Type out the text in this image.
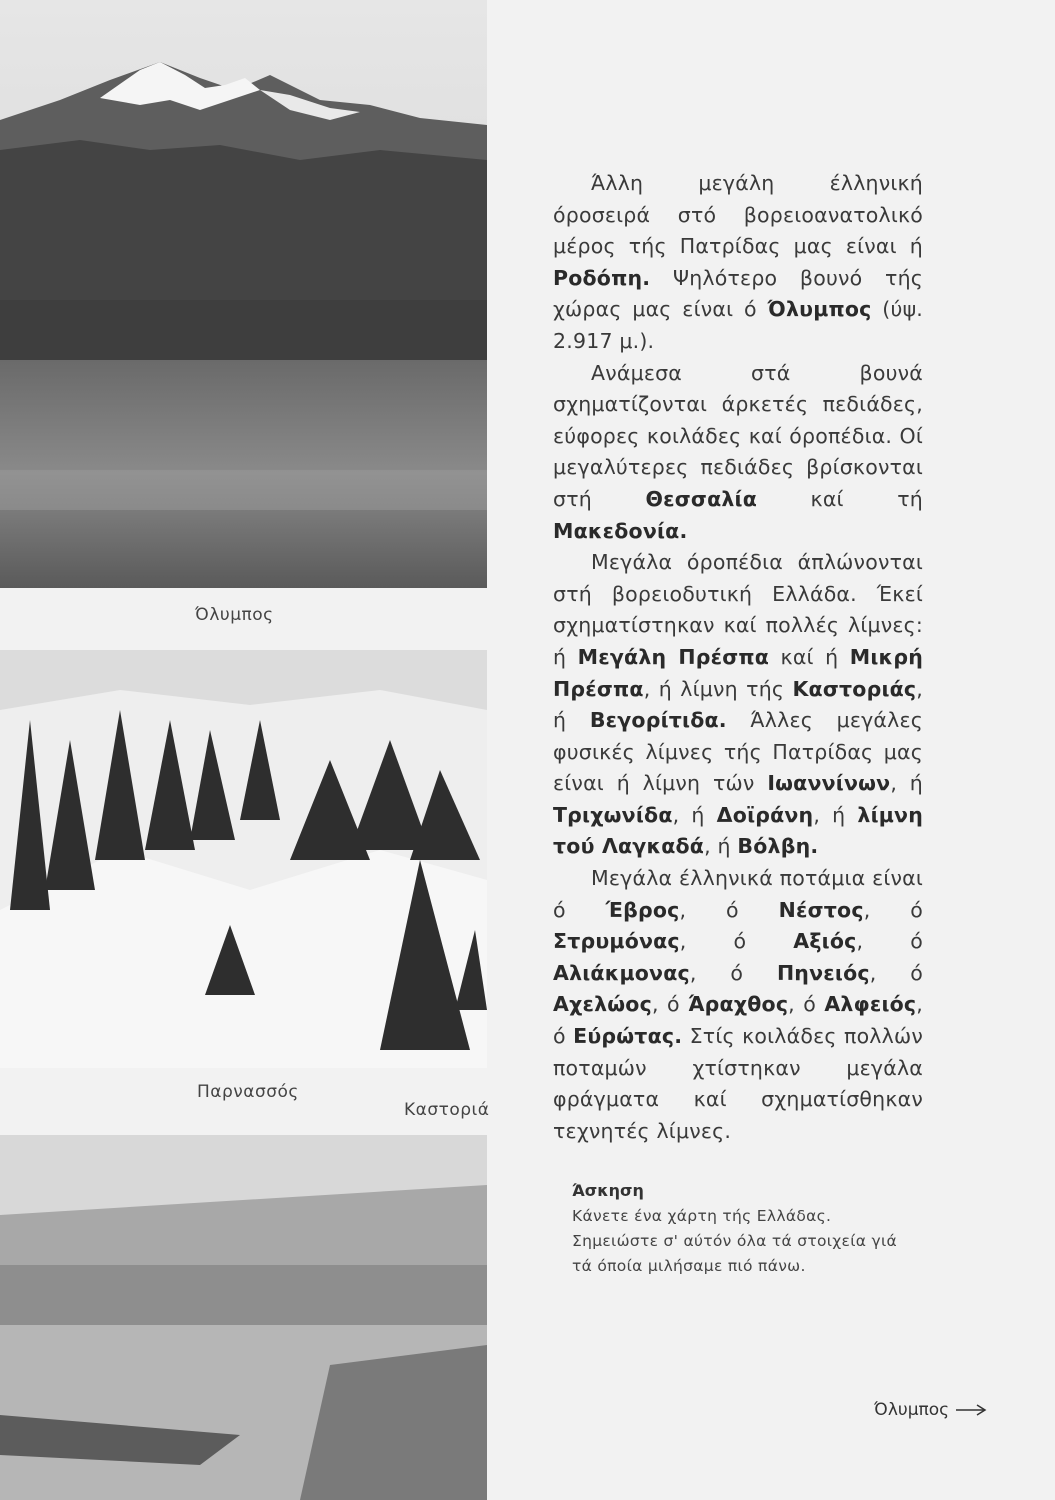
Όλυμπος
Παρνασσός
Καστοριά

Άλλη μεγάλη έλληνική όροσειρά στό βορειοανατολικό μέρος τής Πατρίδας μας είναι ή Ροδόπη. Ψηλότερο βουνό τής χώρας μας είναι ό Όλυμπος (ύψ. 2.917 μ.).

Ανάμεσα στά βουνά σχηματίζονται άρκετές πεδιάδες, εύφορες κοιλάδες καί όροπέδια. Οί μεγαλύτερες πεδιάδες βρίσκονται στή Θεσσαλία καί τή Μακεδονία.

Μεγάλα όροπέδια άπλώνονται στή βορειοδυτική Ελλάδα. Έκεί σχηματίστηκαν καί πολλές λίμνες: ή Μεγάλη Πρέσπα καί ή Μικρή Πρέσπα, ή λίμνη τής Καστοριάς, ή Βεγορίτιδα. Άλλες μεγάλες φυσικές λίμνες τής Πατρίδας μας είναι ή λίμνη τών Ιωαννίνων, ή Τριχωνίδα, ή Δοϊράνη, ή λίμνη τού Λαγκαδά, ή Βόλβη.

Μεγάλα έλληνικά ποτάμια είναι ό Έβρος, ό Νέστος, ό Στρυμόνας, ό Αξιός, ό Αλιάκμονας, ό Πηνειός, ό Αχελώος, ό Άραχθος, ό Αλφειός, ό Εύρώτας. Στίς κοιλάδες πολλών ποταμών χτίστηκαν μεγάλα φράγματα καί σχηματίσθηκαν τεχνητές λίμνες.

Άσκηση
Κάνετε ένα χάρτη τής Ελλάδας. Σημειώστε σ' αύτόν όλα τά στοιχεία γιά τά όποία μιλήσαμε πιό πάνω.
Όλυμπος
